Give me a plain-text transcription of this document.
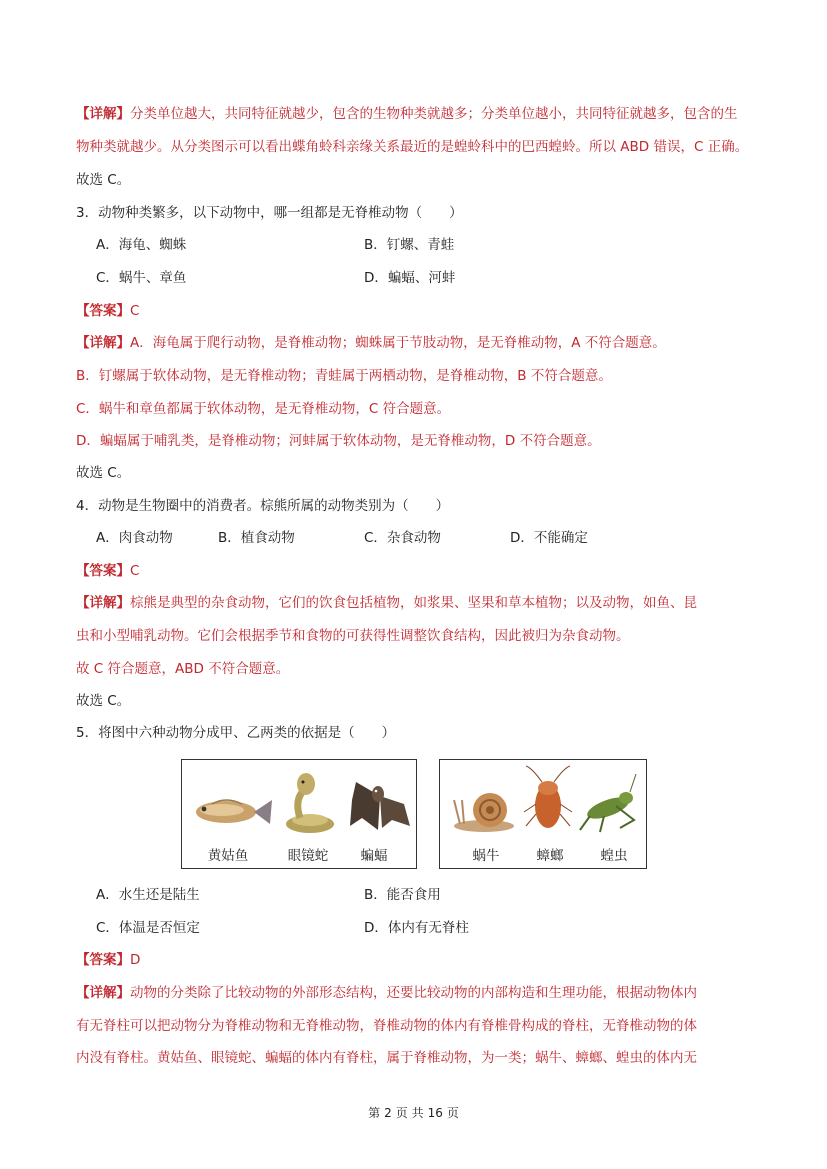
【详解】分类单位越大，共同特征就越少，包含的生物种类就越多；分类单位越小，共同特征就越多，包含的生
物种类就越少。从分类图示可以看出蝶角蛉科亲缘关系最近的是蝗蛉科中的巴西蝗蛉。所以 ABD 错误，C 正确。
故选 C。
3．动物种类繁多，以下动物中，哪一组都是无脊椎动物（　　）
A．海龟、蜘蛛	B．钉螺、青蛙
C．蜗牛、章鱼	D．蝙蝠、河蚌
【答案】C
【详解】A．海龟属于爬行动物，是脊椎动物；蜘蛛属于节肢动物，是无脊椎动物，A 不符合题意。
B．钉螺属于软体动物，是无脊椎动物；青蛙属于两栖动物，是脊椎动物，B 不符合题意。
C．蜗牛和章鱼都属于软体动物，是无脊椎动物，C 符合题意。
D．蝙蝠属于哺乳类，是脊椎动物；河蚌属于软体动物，是无脊椎动物，D 不符合题意。
故选 C。
4．动物是生物圈中的消费者。棕熊所属的动物类别为（　　）
A．肉食动物	B．植食动物	C．杂食动物	D．不能确定
【答案】C
【详解】棕熊是典型的杂食动物，它们的饮食包括植物，如浆果、坚果和草本植物；以及动物，如鱼、昆
虫和小型哺乳动物。它们会根据季节和食物的可获得性调整饮食结构，因此被归为杂食动物。
故 C 符合题意，ABD 不符合题意。
故选 C。
5．将图中六种动物分成甲、乙两类的依据是（　　）
黄姑鱼	眼镜蛇	蝙蝠	蜗牛	蟑螂	蝗虫
A．水生还是陆生	B．能否食用
C．体温是否恒定	D．体内有无脊柱
【答案】D
【详解】动物的分类除了比较动物的外部形态结构，还要比较动物的内部构造和生理功能，根据动物体内
有无脊柱可以把动物分为脊椎动物和无脊椎动物，脊椎动物的体内有脊椎骨构成的脊柱，无脊椎动物的体
内没有脊柱。黄姑鱼、眼镜蛇、蝙蝠的体内有脊柱，属于脊椎动物，为一类；蜗牛、蟑螂、蝗虫的体内无
第 2 页 共 16 页
